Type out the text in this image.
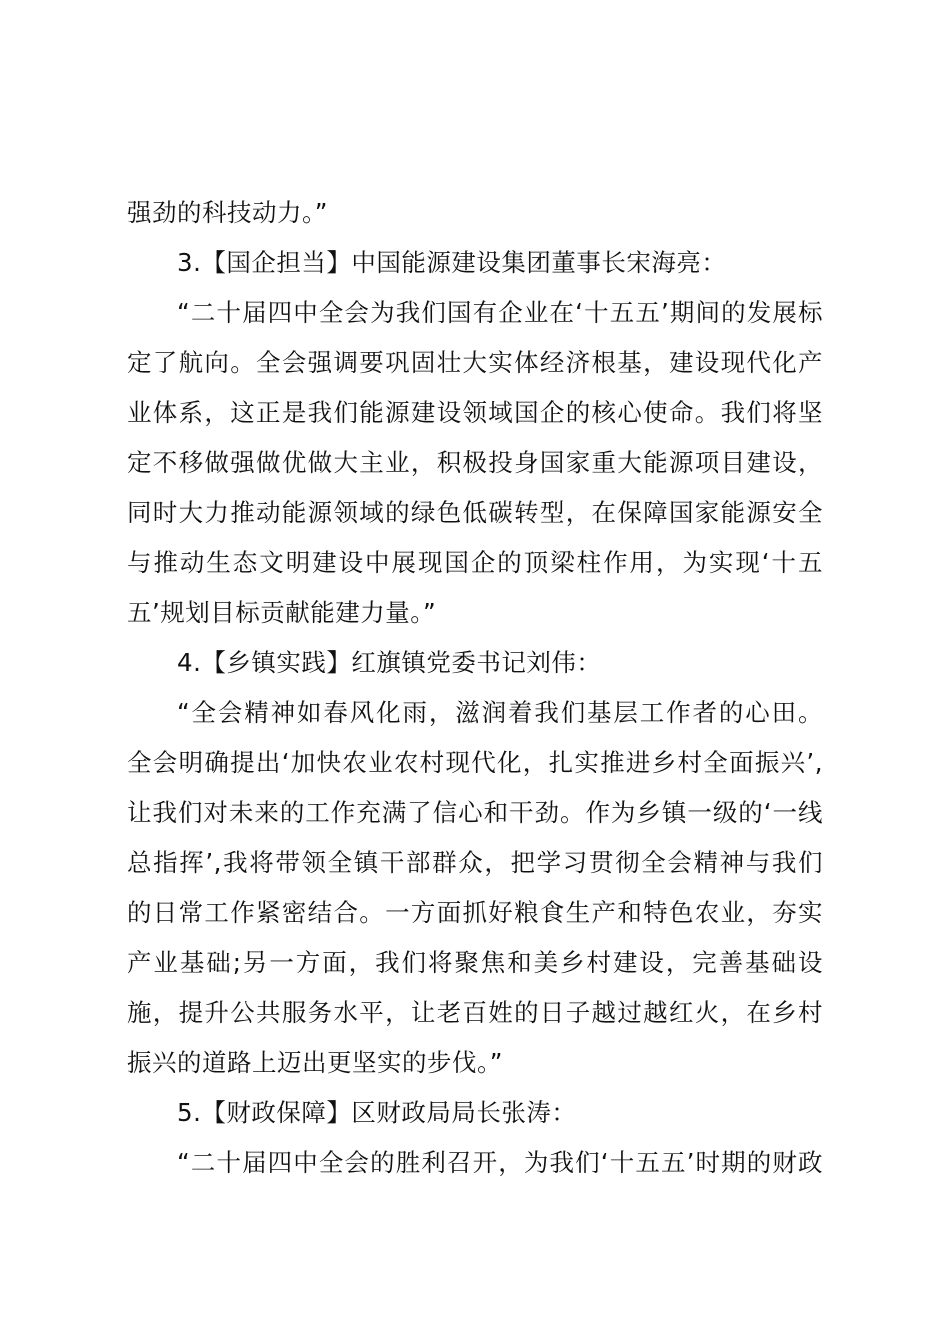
强劲的科技动力。”
3.【国企担当】中国能源建设集团董事长宋海亮：
“二十届四中全会为我们国有企业在‘十五五’期间的发展标
定了航向。全会强调要巩固壮大实体经济根基，建设现代化产
业体系，这正是我们能源建设领域国企的核心使命。我们将坚
定不移做强做优做大主业，积极投身国家重大能源项目建设，
同时大力推动能源领域的绿色低碳转型，在保障国家能源安全
与推动生态文明建设中展现国企的顶梁柱作用，为实现‘十五
五’规划目标贡献能建力量。”
4.【乡镇实践】红旗镇党委书记刘伟：
“全会精神如春风化雨，滋润着我们基层工作者的心田。
全会明确提出‘加快农业农村现代化，扎实推进乡村全面振兴’,
让我们对未来的工作充满了信心和干劲。作为乡镇一级的‘一线
总指挥’,我将带领全镇干部群众，把学习贯彻全会精神与我们
的日常工作紧密结合。一方面抓好粮食生产和特色农业，夯实
产业基础;另一方面，我们将聚焦和美乡村建设，完善基础设
施，提升公共服务水平，让老百姓的日子越过越红火，在乡村
振兴的道路上迈出更坚实的步伐。”
5.【财政保障】区财政局局长张涛：
“二十届四中全会的胜利召开，为我们‘十五五’时期的财政
